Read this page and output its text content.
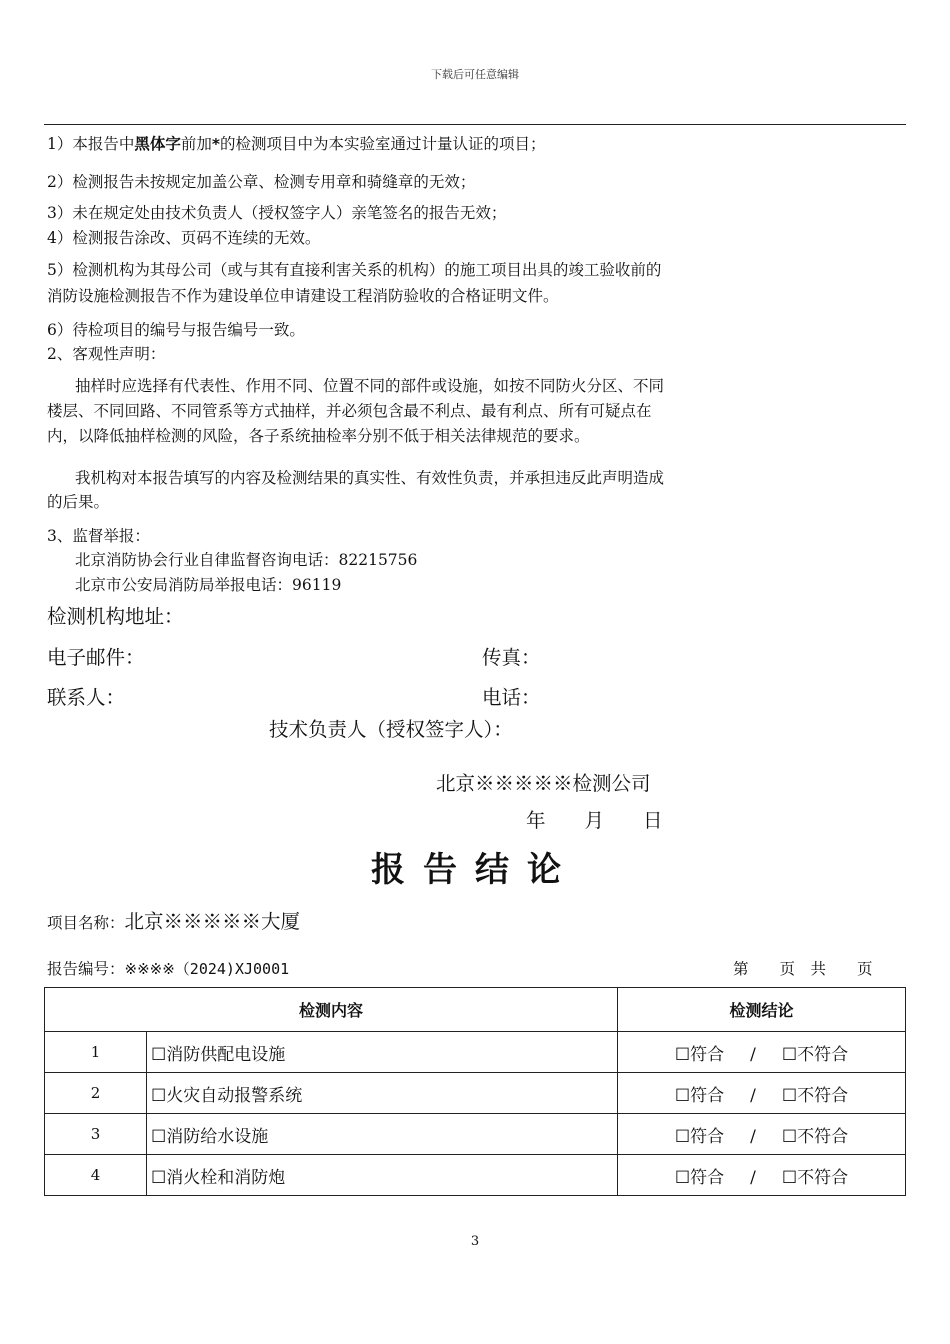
下载后可任意编辑
1）本报告中黑体字前加*的检测项目中为本实验室通过计量认证的项目；
2）检测报告未按规定加盖公章、检测专用章和骑缝章的无效；
3）未在规定处由技术负责人（授权签字人）亲笔签名的报告无效；
4）检测报告涂改、页码不连续的无效。
5）检测机构为其母公司（或与其有直接利害关系的机构）的施工项目出具的竣工验收前的
消防设施检测报告不作为建设单位申请建设工程消防验收的合格证明文件。
6）待检项目的编号与报告编号一致。
2、客观性声明：
抽样时应选择有代表性、作用不同、位置不同的部件或设施，如按不同防火分区、不同
楼层、不同回路、不同管系等方式抽样，并必须包含最不利点、最有利点、所有可疑点在
内，以降低抽样检测的风险，各子系统抽检率分别不低于相关法律规范的要求。
我机构对本报告填写的内容及检测结果的真实性、有效性负责，并承担违反此声明造成
的后果。
3、监督举报：
北京消防协会行业自律监督咨询电话：82215756
北京市公安局消防局举报电话：96119
检测机构地址：
电子邮件：	传真：
联系人：	电话：
技术负责人（授权签字人）：
北京※※※※※检测公司
年　　月　　日
报告结论
项目名称：北京※※※※※大厦
报告编号：※※※※（2024)XJ0001	第　　页　共　　页
检测内容		检测结论
1	☐消防供配电设施	☐符合 / ☐不符合
2	☐火灾自动报警系统	☐符合 / ☐不符合
3	☐消防给水设施	☐符合 / ☐不符合
4	☐消火栓和消防炮	☐符合 / ☐不符合
3
